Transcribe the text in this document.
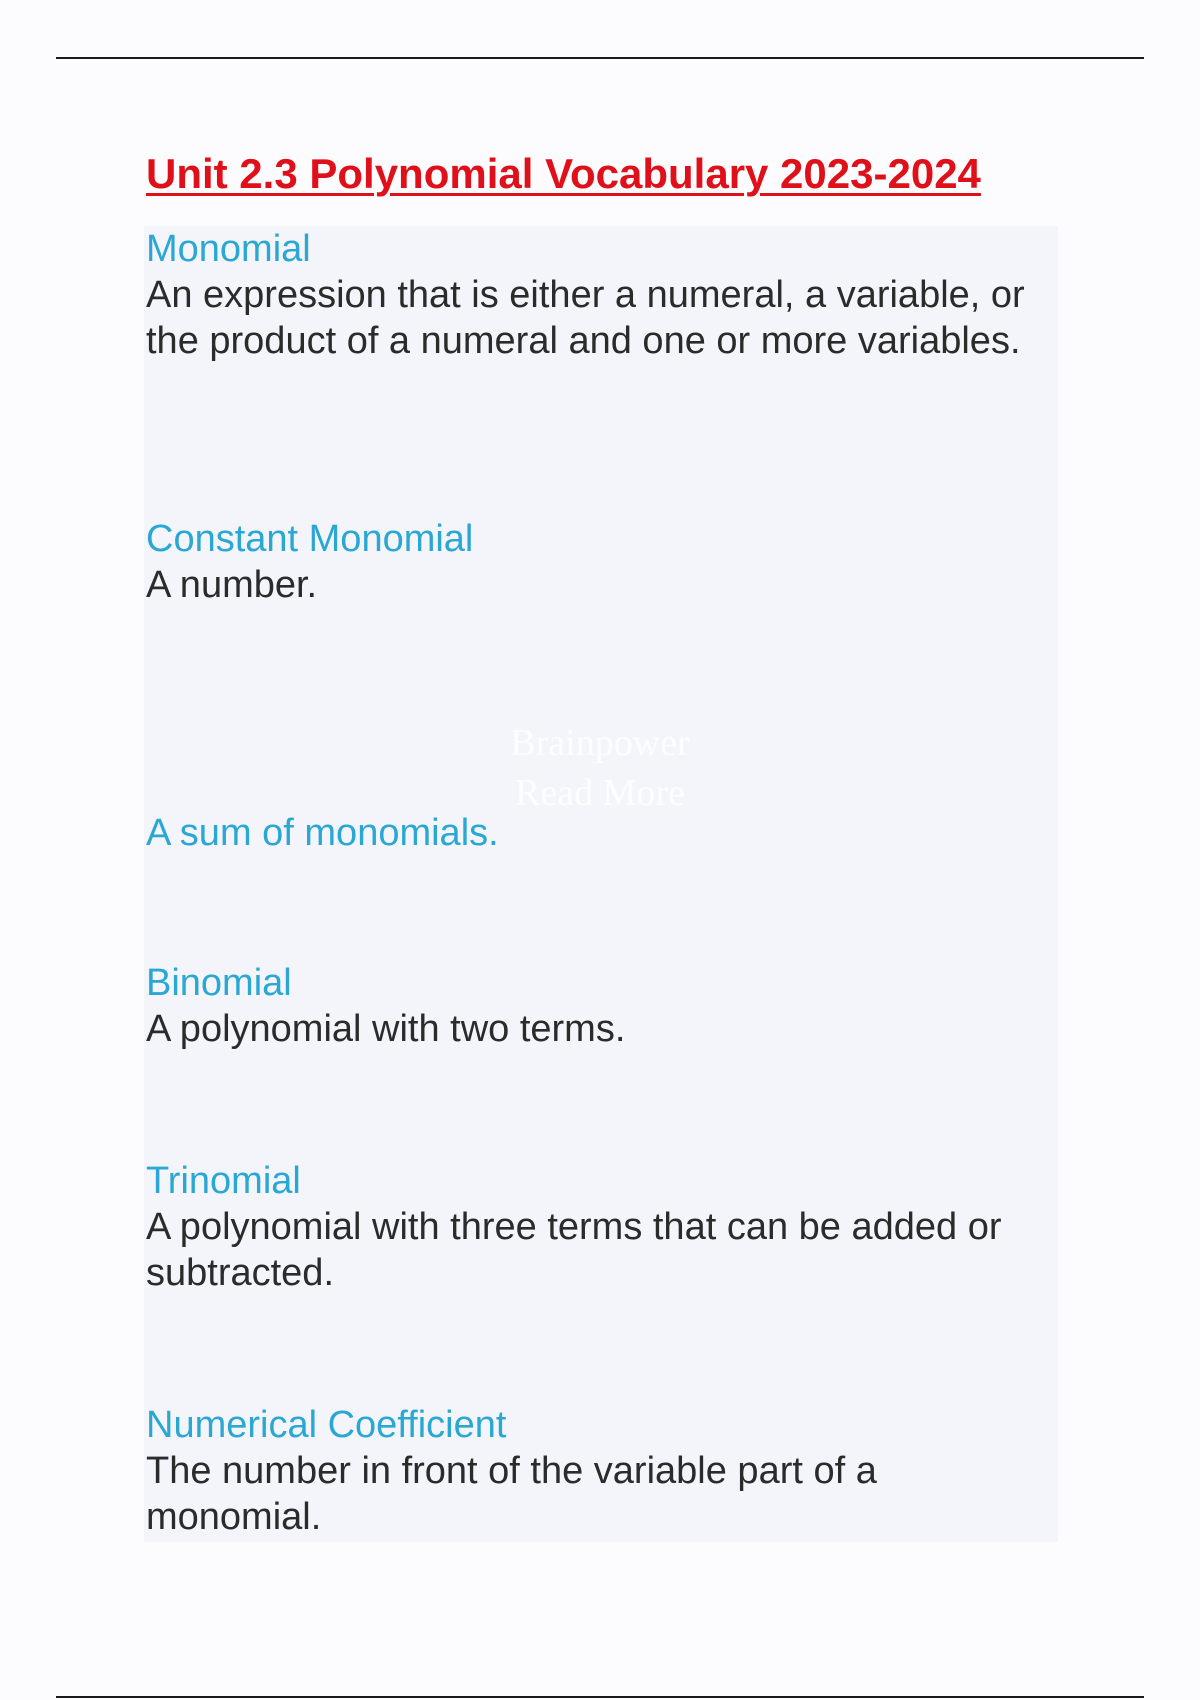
Unit 2.3 Polynomial Vocabulary 2023-2024
Brainpower
Read More

Monomial

An expression that is either a numeral, a variable, or the product of a numeral and one or more variables.

Constant Monomial

A number.

A sum of monomials.

Binomial

A polynomial with two terms.

Trinomial

A polynomial with three terms that can be added or subtracted.

Numerical Coefficient

The number in front of the variable part of a monomial.
